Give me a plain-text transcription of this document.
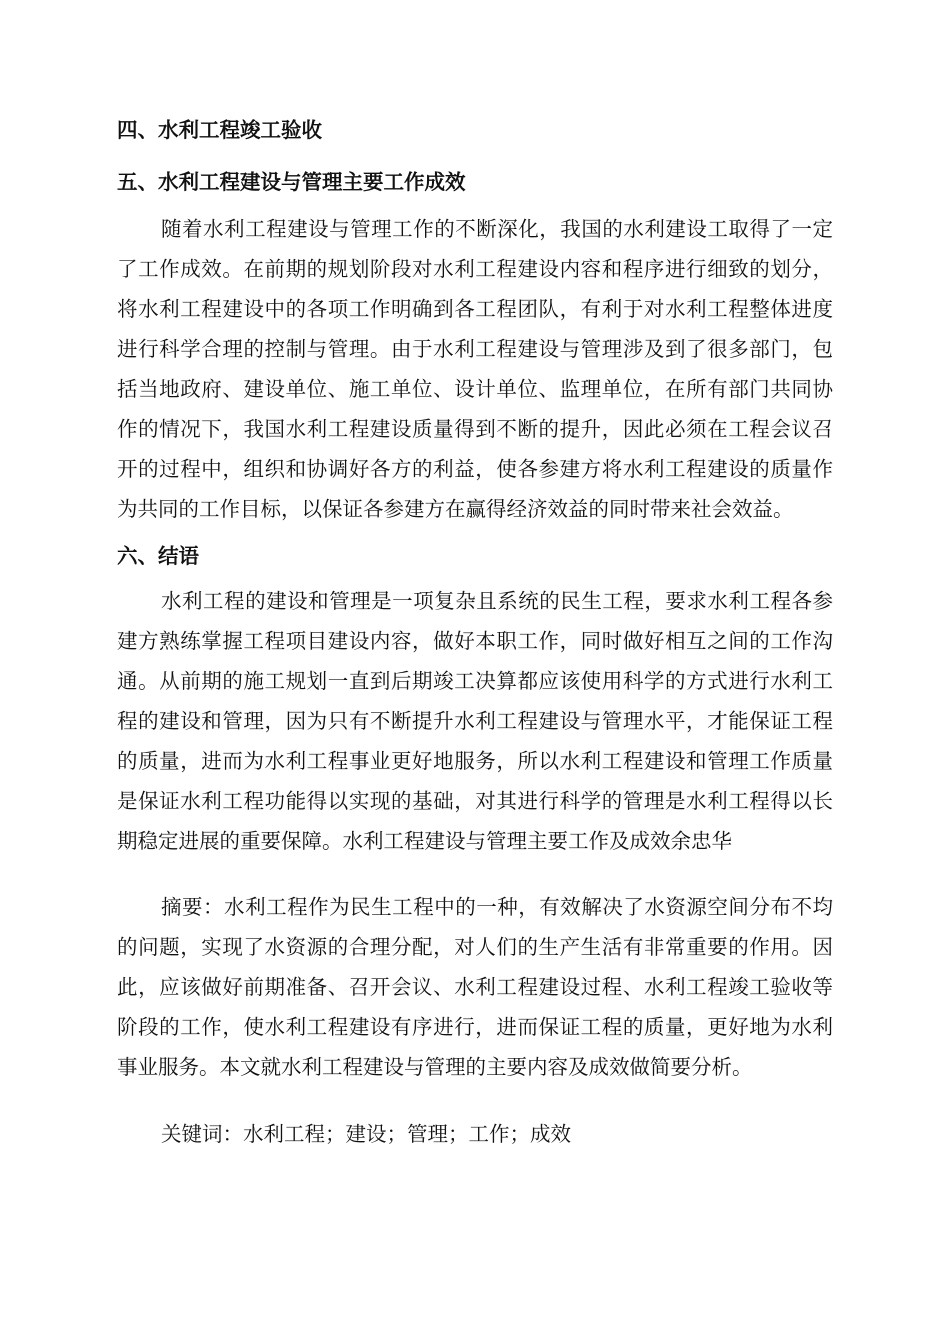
四、水利工程竣工验收
五、水利工程建设与管理主要工作成效

随着水利工程建设与管理工作的不断深化，我国的水利建设工取得了一定了工作成效。在前期的规划阶段对水利工程建设内容和程序进行细致的划分，将水利工程建设中的各项工作明确到各工程团队，有利于对水利工程整体进度进行科学合理的控制与管理。由于水利工程建设与管理涉及到了很多部门，包括当地政府、建设单位、施工单位、设计单位、监理单位，在所有部门共同协作的情况下，我国水利工程建设质量得到不断的提升，因此必须在工程会议召开的过程中，组织和协调好各方的利益，使各参建方将水利工程建设的质量作为共同的工作目标，以保证各参建方在赢得经济效益的同时带来社会效益。

六、结语

水利工程的建设和管理是一项复杂且系统的民生工程，要求水利工程各参建方熟练掌握工程项目建设内容，做好本职工作，同时做好相互之间的工作沟通。从前期的施工规划一直到后期竣工决算都应该使用科学的方式进行水利工程的建设和管理，因为只有不断提升水利工程建设与管理水平，才能保证工程的质量，进而为水利工程事业更好地服务，所以水利工程建设和管理工作质量是保证水利工程功能得以实现的基础，对其进行科学的管理是水利工程得以长期稳定进展的重要保障。水利工程建设与管理主要工作及成效余忠华

摘要：水利工程作为民生工程中的一种，有效解决了水资源空间分布不均的问题，实现了水资源的合理分配，对人们的生产生活有非常重要的作用。因此，应该做好前期准备、召开会议、水利工程建设过程、水利工程竣工验收等阶段的工作，使水利工程建设有序进行，进而保证工程的质量，更好地为水利事业服务。本文就水利工程建设与管理的主要内容及成效做简要分析。

关键词：水利工程；建设；管理；工作；成效
